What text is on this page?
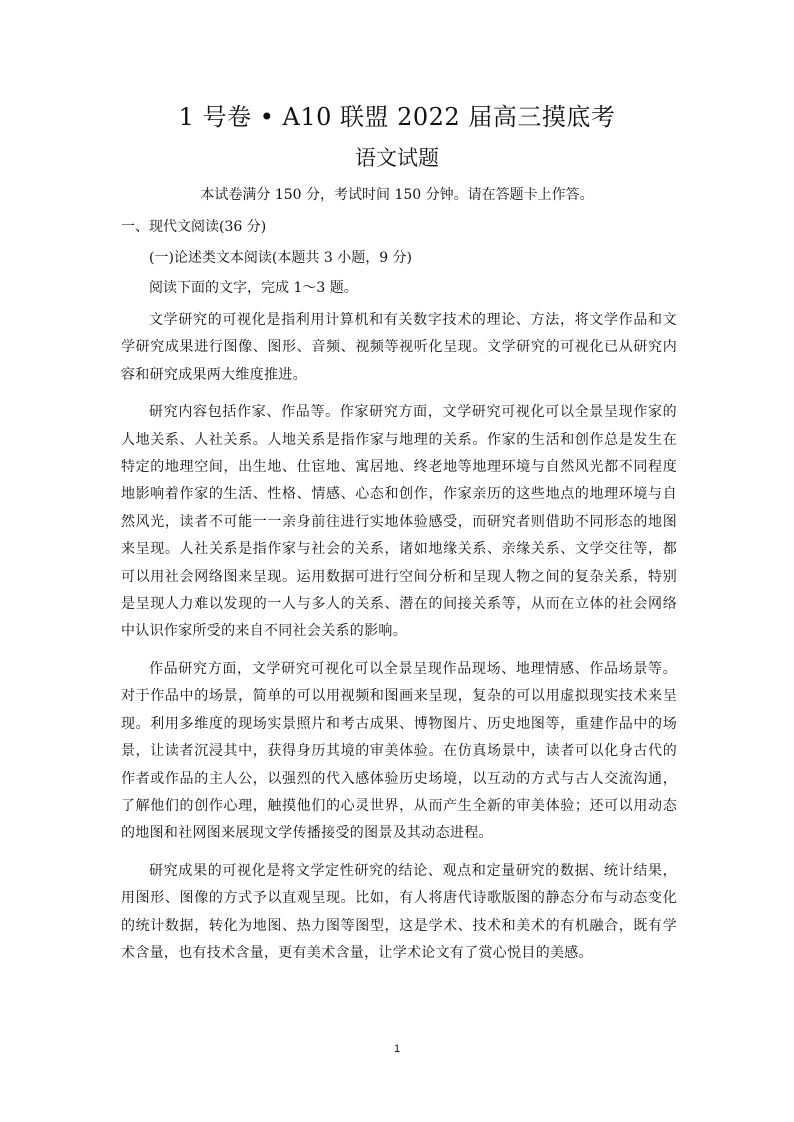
1 号卷 • A10 联盟 2022 届高三摸底考
语文试题
本试卷满分 150 分，考试时间 150 分钟。请在答题卡上作答。
一、现代文阅读(36 分)
(一)论述类文本阅读(本题共 3 小题，9 分)
阅读下面的文字，完成 1～3 题。

文学研究的可视化是指利用计算机和有关数字技术的理论、方法，将文学作品和文学研究成果进行图像、图形、音频、视频等视听化呈现。文学研究的可视化已从研究内容和研究成果两大维度推进。

研究内容包括作家、作品等。作家研究方面，文学研究可视化可以全景呈现作家的人地关系、人社关系。人地关系是指作家与地理的关系。作家的生活和创作总是发生在特定的地理空间，出生地、仕宦地、寓居地、终老地等地理环境与自然风光都不同程度地影响着作家的生活、性格、情感、心态和创作，作家亲历的这些地点的地理环境与自然风光，读者不可能一一亲身前往进行实地体验感受，而研究者则借助不同形态的地图来呈现。人社关系是指作家与社会的关系，诸如地缘关系、亲缘关系、文学交往等，都可以用社会网络图来呈现。运用数据可进行空间分析和呈现人物之间的复杂关系，特别是呈现人力难以发现的一人与多人的关系、潜在的间接关系等，从而在立体的社会网络中认识作家所受的来自不同社会关系的影响。

作品研究方面，文学研究可视化可以全景呈现作品现场、地理情感、作品场景等。对于作品中的场景，简单的可以用视频和图画来呈现，复杂的可以用虚拟现实技术来呈现。利用多维度的现场实景照片和考古成果、博物图片、历史地图等，重建作品中的场景，让读者沉浸其中，获得身历其境的审美体验。在仿真场景中，读者可以化身古代的作者或作品的主人公，以强烈的代入感体验历史场境，以互动的方式与古人交流沟通，了解他们的创作心理，触摸他们的心灵世界，从而产生全新的审美体验；还可以用动态的地图和社网图来展现文学传播接受的图景及其动态进程。

研究成果的可视化是将文学定性研究的结论、观点和定量研究的数据、统计结果，用图形、图像的方式予以直观呈现。比如，有人将唐代诗歌版图的静态分布与动态变化的统计数据，转化为地图、热力图等图型，这是学术、技术和美术的有机融合，既有学术含量，也有技术含量，更有美术含量，让学术论文有了赏心悦目的美感。

1
